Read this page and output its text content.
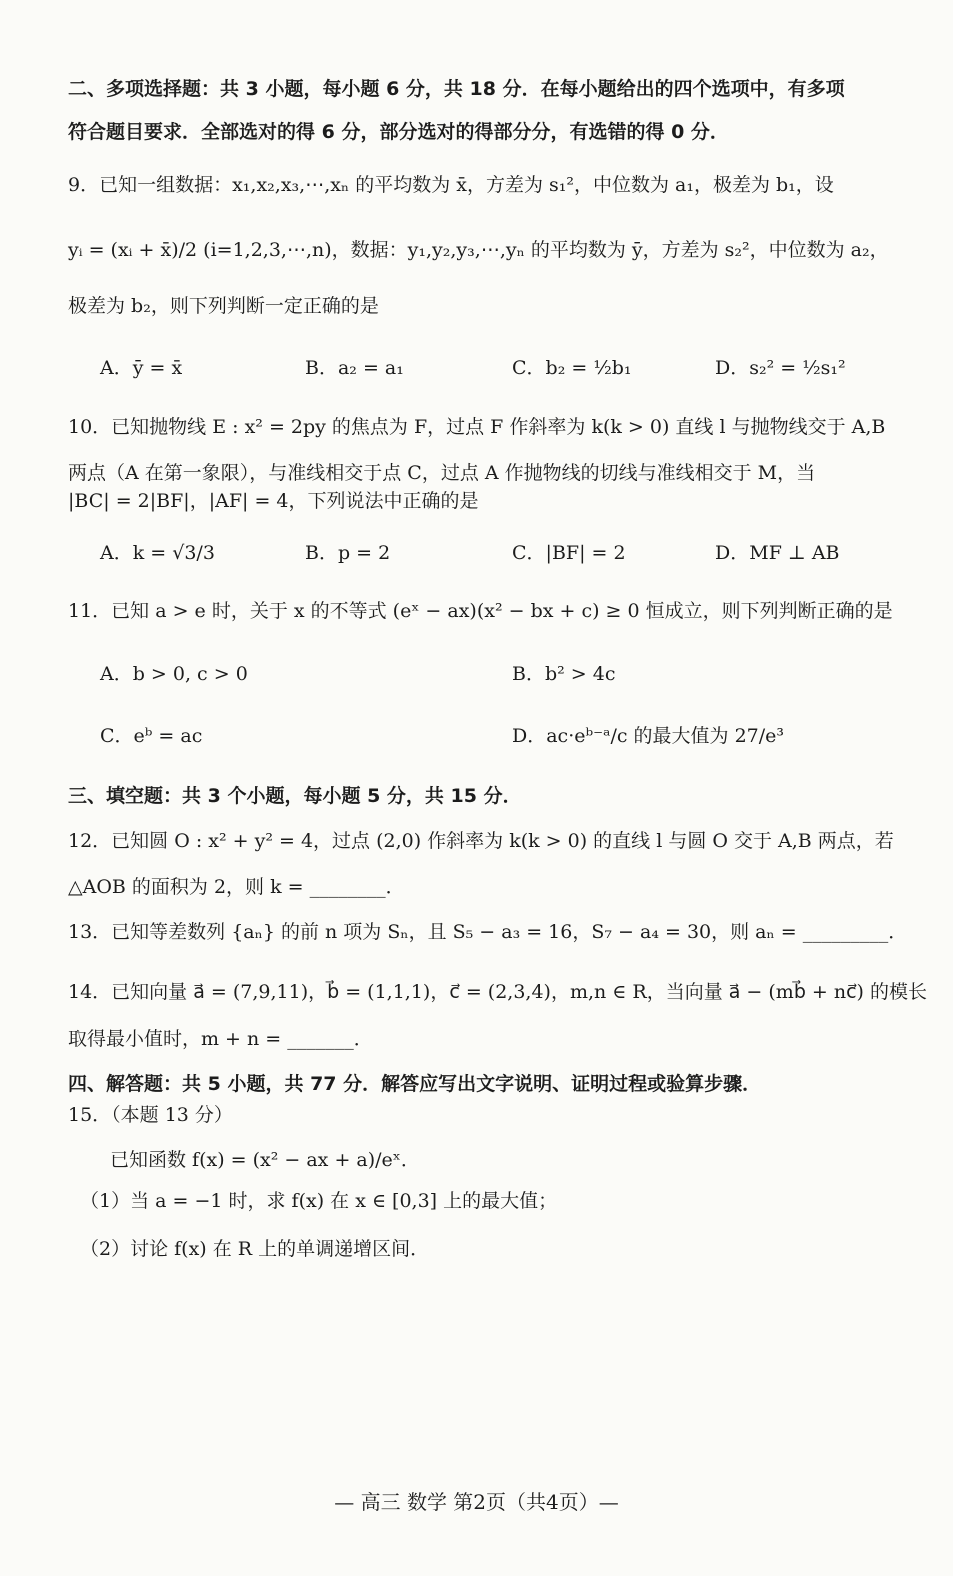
二、多项选择题：共 3 小题，每小题 6 分，共 18 分．在每小题给出的四个选项中，有多项
符合题目要求．全部选对的得 6 分，部分选对的得部分分，有选错的得 0 分．
9．已知一组数据：x₁,x₂,x₃,⋯,xₙ 的平均数为 x̄，方差为 s₁²，中位数为 a₁，极差为 b₁，设
yᵢ = (xᵢ + x̄)/2 (i=1,2,3,⋯,n)，数据：y₁,y₂,y₃,⋯,yₙ 的平均数为 ȳ，方差为 s₂²，中位数为 a₂，
极差为 b₂，则下列判断一定正确的是
A．ȳ = x̄	B．a₂ = a₁	C．b₂ = ½b₁	D．s₂² = ½s₁²
10．已知抛物线 E : x² = 2py 的焦点为 F，过点 F 作斜率为 k(k > 0) 直线 l 与抛物线交于 A,B
两点（A 在第一象限），与准线相交于点 C，过点 A 作抛物线的切线与准线相交于 M，当
|BC| = 2|BF|，|AF| = 4，下列说法中正确的是
A．k = √3/3	B．p = 2	C．|BF| = 2	D．MF ⊥ AB
11．已知 a > e 时，关于 x 的不等式 (eˣ − ax)(x² − bx + c) ≥ 0 恒成立，则下列判断正确的是
A．b > 0, c > 0	B．b² > 4c
C．eᵇ = ac	D．ac·eᵇ⁻ᵃ/c 的最大值为 27/e³
三、填空题：共 3 个小题，每小题 5 分，共 15 分．
12．已知圆 O : x² + y² = 4，过点 (2,0) 作斜率为 k(k > 0) 的直线 l 与圆 O 交于 A,B 两点，若
△AOB 的面积为 2，则 k = ________．
13．已知等差数列 {aₙ} 的前 n 项为 Sₙ，且 S₅ − a₃ = 16，S₇ − a₄ = 30，则 aₙ = _________．
14．已知向量 a⃗ = (7,9,11)，b⃗ = (1,1,1)，c⃗ = (2,3,4)，m,n ∈ R，当向量 a⃗ − (mb⃗ + nc⃗) 的模长
取得最小值时，m + n = _______．
四、解答题：共 5 小题，共 77 分．解答应写出文字说明、证明过程或验算步骤．
15．（本题 13 分）
已知函数 f(x) = (x² − ax + a)/eˣ．
（1）当 a = −1 时，求 f(x) 在 x ∈ [0,3] 上的最大值；
（2）讨论 f(x) 在 R 上的单调递增区间．
— 高三 数学 第2页（共4页）—
